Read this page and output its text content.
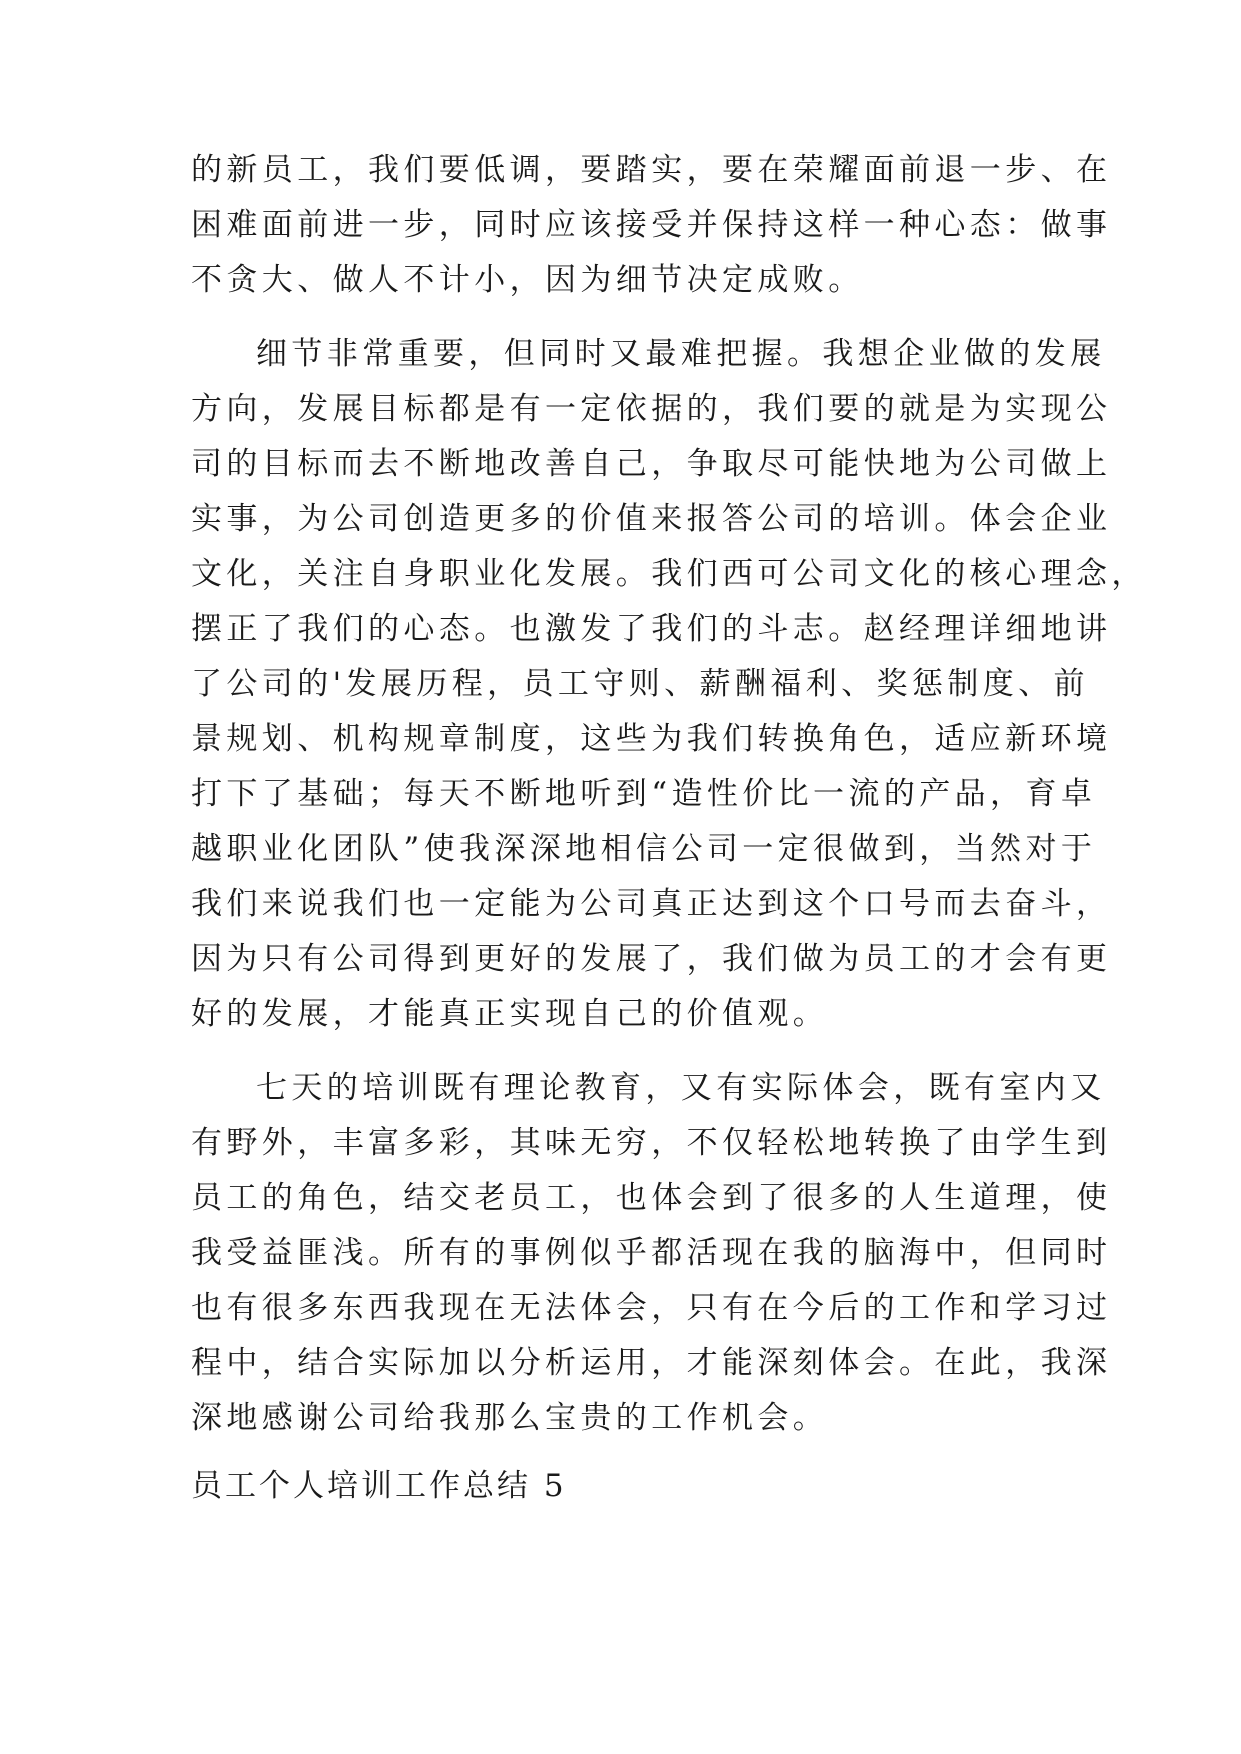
的新员工，我们要低调，要踏实，要在荣耀面前退一步、在
困难面前进一步，同时应该接受并保持这样一种心态：做事
不贪大、做人不计小，因为细节决定成败。
细节非常重要，但同时又最难把握。我想企业做的发展
方向，发展目标都是有一定依据的，我们要的就是为实现公
司的目标而去不断地改善自己，争取尽可能快地为公司做上
实事，为公司创造更多的价值来报答公司的培训。体会企业
文化，关注自身职业化发展。我们西可公司文化的核心理念，
摆正了我们的心态。也激发了我们的斗志。赵经理详细地讲
了公司的'发展历程，员工守则、薪酬福利、奖惩制度、前
景规划、机构规章制度，这些为我们转换角色，适应新环境
打下了基础；每天不断地听到“造性价比一流的产品，育卓
越职业化团队”使我深深地相信公司一定很做到，当然对于
我们来说我们也一定能为公司真正达到这个口号而去奋斗，
因为只有公司得到更好的发展了，我们做为员工的才会有更
好的发展，才能真正实现自己的价值观。
七天的培训既有理论教育，又有实际体会，既有室内又
有野外，丰富多彩，其味无穷，不仅轻松地转换了由学生到
员工的角色，结交老员工，也体会到了很多的人生道理，使
我受益匪浅。所有的事例似乎都活现在我的脑海中，但同时
也有很多东西我现在无法体会，只有在今后的工作和学习过
程中，结合实际加以分析运用，才能深刻体会。在此，我深
深地感谢公司给我那么宝贵的工作机会。
员工个人培训工作总结 5
